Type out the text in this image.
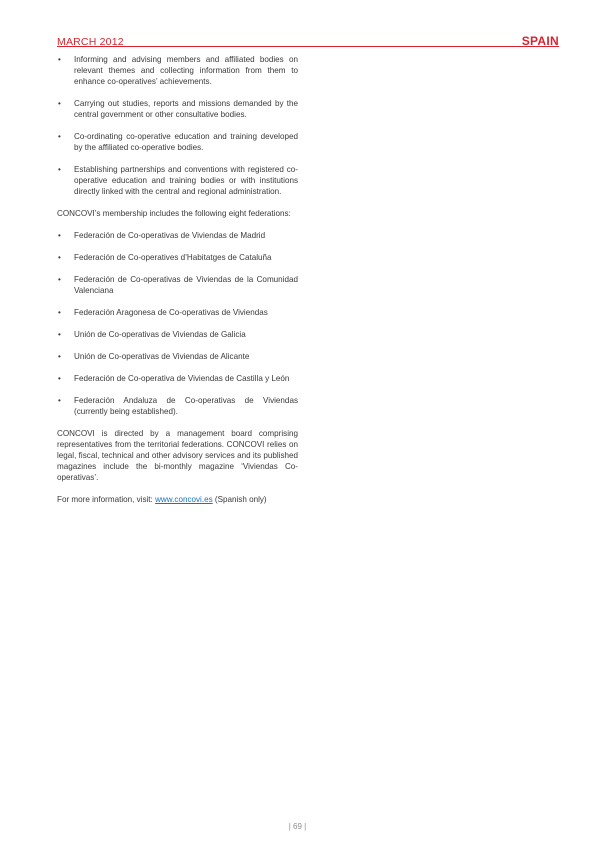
MARCH 2012	SPAIN
• Informing and advising members and affiliated bodies on relevant themes and collecting information from them to enhance co-operatives’ achievements.
• Carrying out studies, reports and missions demanded by the central government or other consultative bodies.
• Co-ordinating co-operative education and training developed by the affiliated co-operative bodies.
• Establishing partnerships and conventions with registered co-operative education and training bodies or with institutions directly linked with the central and regional administration.

CONCOVI’s membership includes the following eight federations:

• Federación de Co-operativas de Viviendas de Madrid
• Federación de Co-operatives d’Habitatges de Cataluña
• Federación de Co-operativas de Viviendas de la Comunidad Valenciana
• Federación Aragonesa de Co-operativas de Viviendas
• Unión de Co-operativas de Viviendas de Galicia
• Unión de Co-operativas de Viviendas de Alicante
• Federación de Co-operativa de Viviendas de Castilla y León
• Federación Andaluza de Co-operativas de Viviendas (currently being established).

CONCOVI is directed by a management board comprising representatives from the territorial federations. CONCOVI relies on legal, fiscal, technical and other advisory services and its published magazines include the bi-monthly magazine ‘Viviendas Co-operativas’.

For more information, visit: www.concovi.es (Spanish only)

| 69 |
